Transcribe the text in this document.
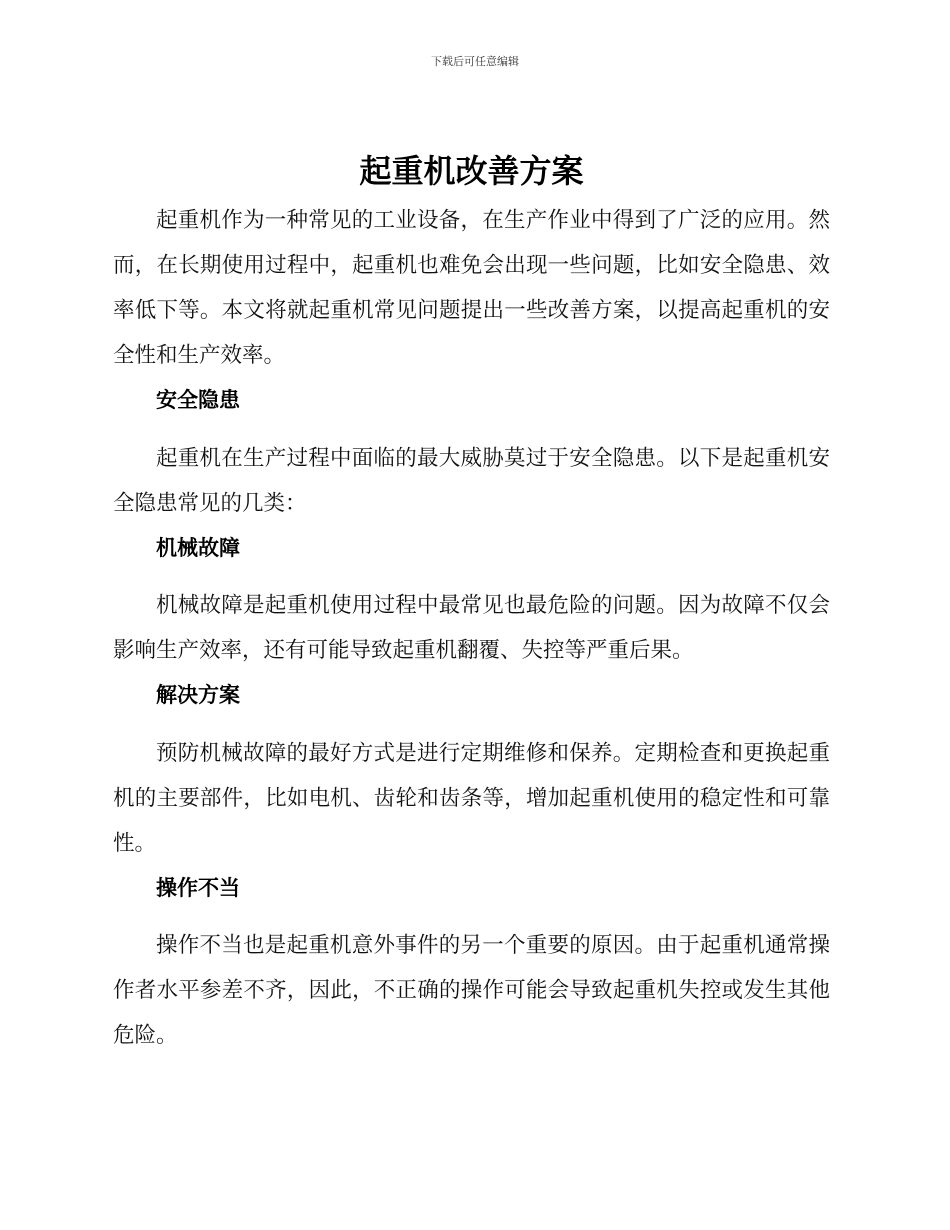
下载后可任意编辑
起重机改善方案
起重机作为一种常见的工业设备，在生产作业中得到了广泛的应用。然
而，在长期使用过程中，起重机也难免会出现一些问题，比如安全隐患、效
率低下等。本文将就起重机常见问题提出一些改善方案，以提高起重机的安
全性和生产效率。
安全隐患
起重机在生产过程中面临的最大威胁莫过于安全隐患。以下是起重机安
全隐患常见的几类：
机械故障
机械故障是起重机使用过程中最常见也最危险的问题。因为故障不仅会
影响生产效率，还有可能导致起重机翻覆、失控等严重后果。
解决方案
预防机械故障的最好方式是进行定期维修和保养。定期检查和更换起重
机的主要部件，比如电机、齿轮和齿条等，增加起重机使用的稳定性和可靠
性。
操作不当
操作不当也是起重机意外事件的另一个重要的原因。由于起重机通常操
作者水平参差不齐，因此，不正确的操作可能会导致起重机失控或发生其他
危险。
